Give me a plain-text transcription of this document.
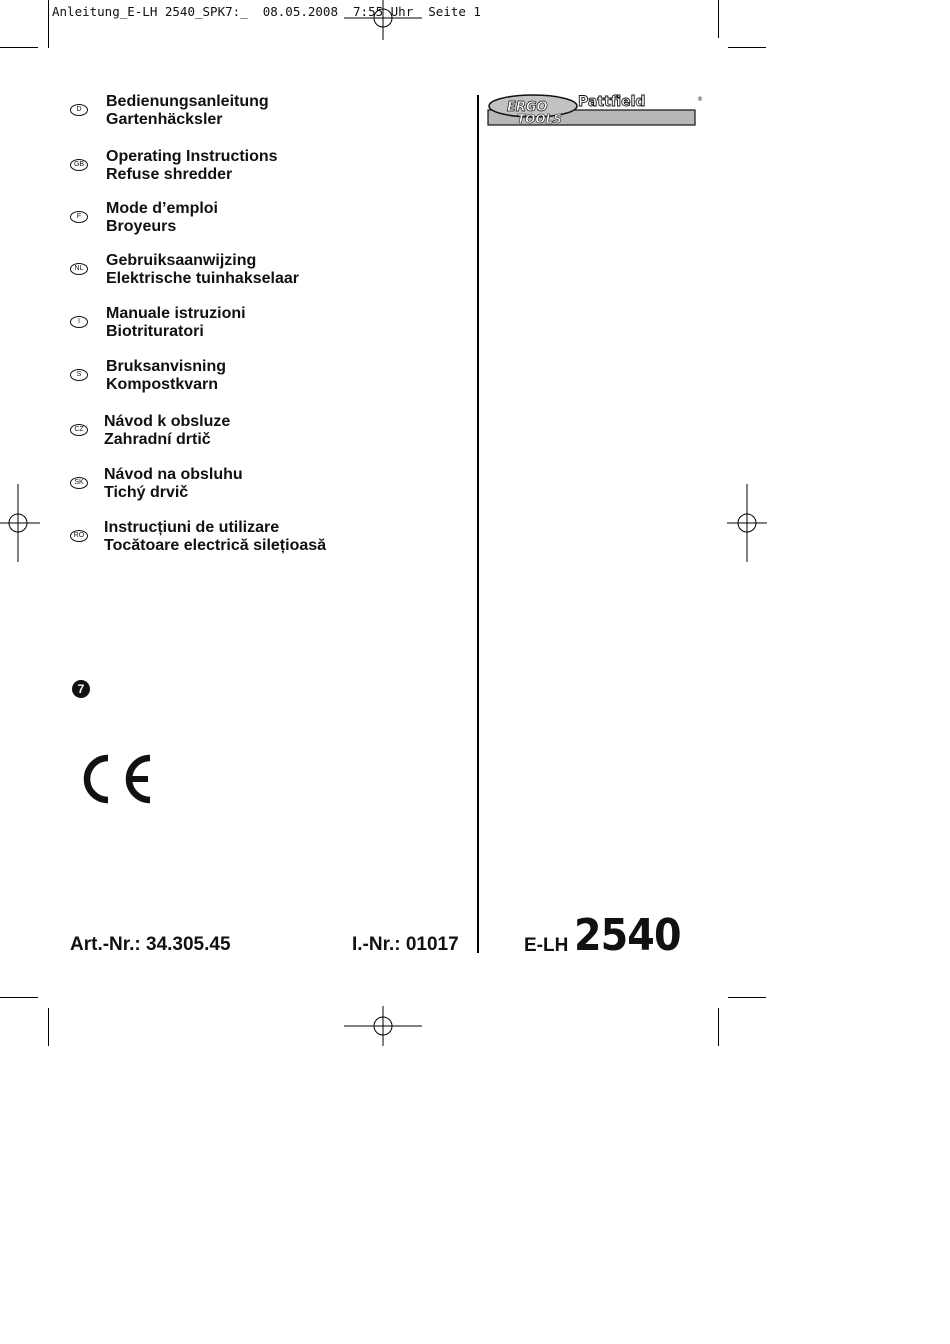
Anleitung_E-LH 2540_SPK7:_  08.05.2008  7:55 Uhr  Seite 1
D	Bedienungsanleitung
Gartenhäcksler
GB Operating Instructions
Refuse shredder
F	Mode d’emploi
Broyeurs
NL Gebruiksaanwijzing
Elektrische tuinhakselaar
I	Manuale istruzioni
Biotrituratori
S	Bruksanvisning
Kompostkvarn
CZ Návod k obsluze
Zahradní drtič
SK Návod na obsluhu
Tichý drvič
RO Instrucțiuni de utilizare
Tocătoare electrică silețioasă
7
ERGO
TOOLS
Pattfield	®
Art.-Nr.: 34.305.45	I.-Nr.: 01017	E-LH 2540
